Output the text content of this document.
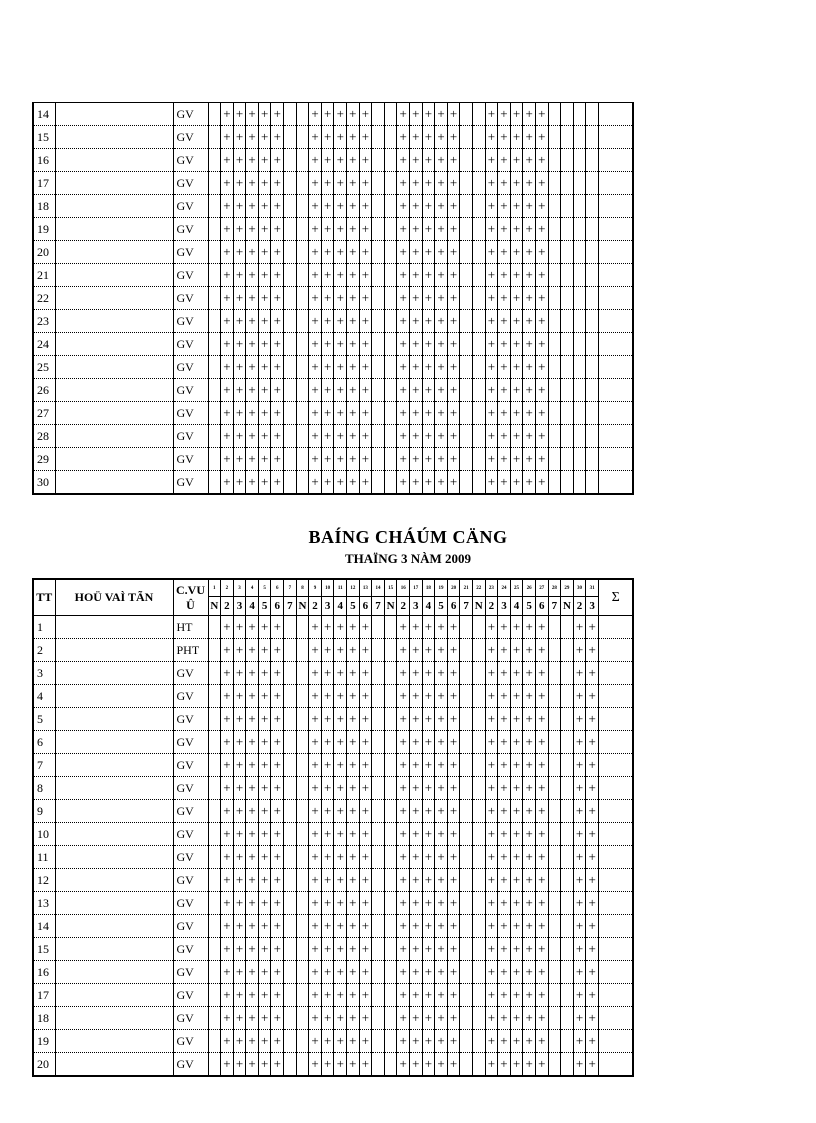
14		GV		+	+	+	+	+			+	+	+	+	+			+	+	+	+	+			+	+	+	+	+					
15		GV		+	+	+	+	+			+	+	+	+	+			+	+	+	+	+			+	+	+	+	+					
16		GV		+	+	+	+	+			+	+	+	+	+			+	+	+	+	+			+	+	+	+	+					
17		GV		+	+	+	+	+			+	+	+	+	+			+	+	+	+	+			+	+	+	+	+					
18		GV		+	+	+	+	+			+	+	+	+	+			+	+	+	+	+			+	+	+	+	+					
19		GV		+	+	+	+	+			+	+	+	+	+			+	+	+	+	+			+	+	+	+	+					
20		GV		+	+	+	+	+			+	+	+	+	+			+	+	+	+	+			+	+	+	+	+					
21		GV		+	+	+	+	+			+	+	+	+	+			+	+	+	+	+			+	+	+	+	+					
22		GV		+	+	+	+	+			+	+	+	+	+			+	+	+	+	+			+	+	+	+	+					
23		GV		+	+	+	+	+			+	+	+	+	+			+	+	+	+	+			+	+	+	+	+					
24		GV		+	+	+	+	+			+	+	+	+	+			+	+	+	+	+			+	+	+	+	+					
25		GV		+	+	+	+	+			+	+	+	+	+			+	+	+	+	+			+	+	+	+	+					
26		GV		+	+	+	+	+			+	+	+	+	+			+	+	+	+	+			+	+	+	+	+					
27		GV		+	+	+	+	+			+	+	+	+	+			+	+	+	+	+			+	+	+	+	+					
28		GV		+	+	+	+	+			+	+	+	+	+			+	+	+	+	+			+	+	+	+	+					
29		GV		+	+	+	+	+			+	+	+	+	+			+	+	+	+	+			+	+	+	+	+					
30		GV		+	+	+	+	+			+	+	+	+	+			+	+	+	+	+			+	+	+	+	+					
BAÍNG CHÁÚM CÄNG
THAÏNG 3 NÀM 2009
TT	HOÜ VAÌ TÃN	C.VU Û	1	2	3	4	5	6	7	8	9	10	11	12	13	14	15	16	17	18	19	20	21	22	23	24	25	26	27	28	29	30	31	Σ
			N	2	3	4	5	6	7	N	2	3	4	5	6	7	N	2	3	4	5	6	7	N	2	3	4	5	6	7	N	2	3	
1		HT		+	+	+	+	+			+	+	+	+	+			+	+	+	+	+			+	+	+	+	+			+	+	
2		PHT		+	+	+	+	+			+	+	+	+	+			+	+	+	+	+			+	+	+	+	+			+	+	
3		GV		+	+	+	+	+			+	+	+	+	+			+	+	+	+	+			+	+	+	+	+			+	+	
4		GV		+	+	+	+	+			+	+	+	+	+			+	+	+	+	+			+	+	+	+	+			+	+	
5		GV		+	+	+	+	+			+	+	+	+	+			+	+	+	+	+			+	+	+	+	+			+	+	
6		GV		+	+	+	+	+			+	+	+	+	+			+	+	+	+	+			+	+	+	+	+			+	+	
7		GV		+	+	+	+	+			+	+	+	+	+			+	+	+	+	+			+	+	+	+	+			+	+	
8		GV		+	+	+	+	+			+	+	+	+	+			+	+	+	+	+			+	+	+	+	+			+	+	
9		GV		+	+	+	+	+			+	+	+	+	+			+	+	+	+	+			+	+	+	+	+			+	+	
10		GV		+	+	+	+	+			+	+	+	+	+			+	+	+	+	+			+	+	+	+	+			+	+	
11		GV		+	+	+	+	+			+	+	+	+	+			+	+	+	+	+			+	+	+	+	+			+	+	
12		GV		+	+	+	+	+			+	+	+	+	+			+	+	+	+	+			+	+	+	+	+			+	+	
13		GV		+	+	+	+	+			+	+	+	+	+			+	+	+	+	+			+	+	+	+	+			+	+	
14		GV		+	+	+	+	+			+	+	+	+	+			+	+	+	+	+			+	+	+	+	+			+	+	
15		GV		+	+	+	+	+			+	+	+	+	+			+	+	+	+	+			+	+	+	+	+			+	+	
16		GV		+	+	+	+	+			+	+	+	+	+			+	+	+	+	+			+	+	+	+	+			+	+	
17		GV		+	+	+	+	+			+	+	+	+	+			+	+	+	+	+			+	+	+	+	+			+	+	
18		GV		+	+	+	+	+			+	+	+	+	+			+	+	+	+	+			+	+	+	+	+			+	+	
19		GV		+	+	+	+	+			+	+	+	+	+			+	+	+	+	+			+	+	+	+	+			+	+	
20		GV		+	+	+	+	+			+	+	+	+	+			+	+	+	+	+			+	+	+	+	+			+	+	
